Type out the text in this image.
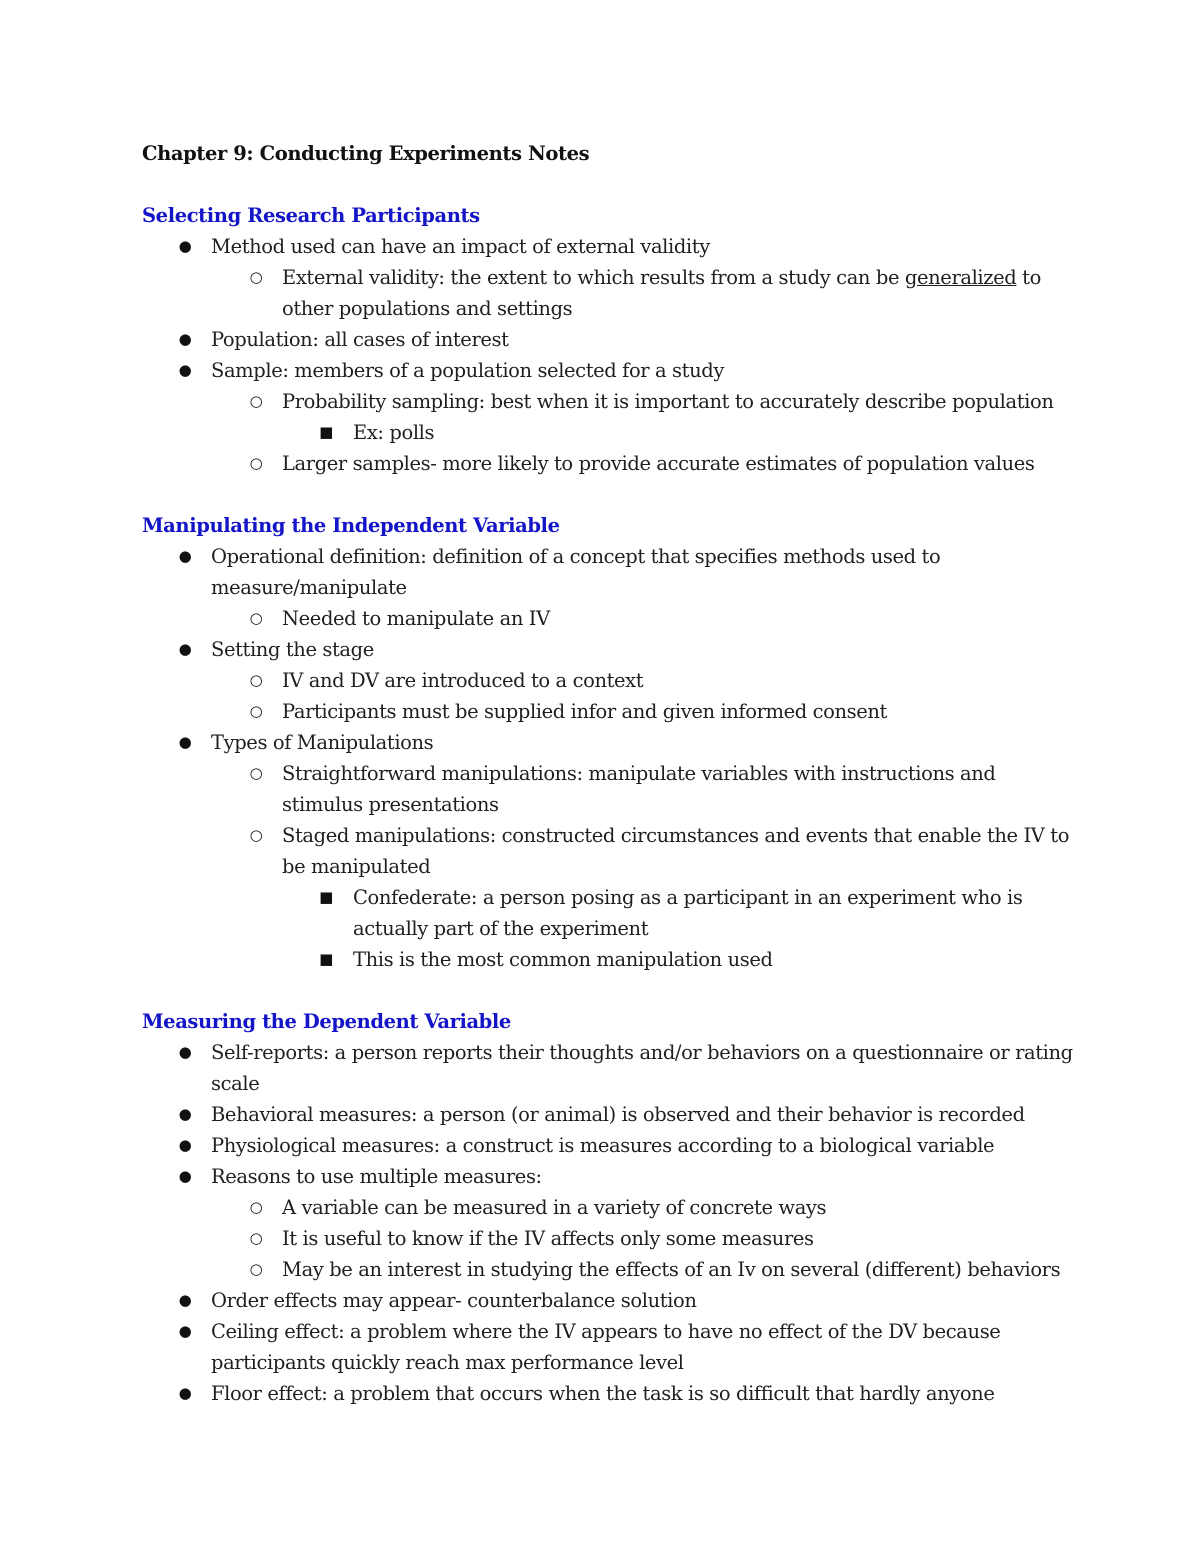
Chapter 9: Conducting Experiments Notes
Selecting Research Participants
● Method used can have an impact of external validity
○ External validity: the extent to which results from a study can be generalized to
other populations and settings
● Population: all cases of interest
● Sample: members of a population selected for a study
○ Probability sampling: best when it is important to accurately describe population
■ Ex: polls
○ Larger samples- more likely to provide accurate estimates of population values
Manipulating the Independent Variable
● Operational definition: definition of a concept that specifies methods used to
measure/manipulate
○ Needed to manipulate an IV
● Setting the stage
○ IV and DV are introduced to a context
○ Participants must be supplied infor and given informed consent
● Types of Manipulations
○ Straightforward manipulations: manipulate variables with instructions and
stimulus presentations
○ Staged manipulations: constructed circumstances and events that enable the IV to
be manipulated
■ Confederate: a person posing as a participant in an experiment who is
actually part of the experiment
■ This is the most common manipulation used
Measuring the Dependent Variable
● Self-reports: a person reports their thoughts and/or behaviors on a questionnaire or rating
scale
● Behavioral measures: a person (or animal) is observed and their behavior is recorded
● Physiological measures: a construct is measures according to a biological variable
● Reasons to use multiple measures:
○ A variable can be measured in a variety of concrete ways
○ It is useful to know if the IV affects only some measures
○ May be an interest in studying the effects of an Iv on several (different) behaviors
● Order effects may appear- counterbalance solution
● Ceiling effect: a problem where the IV appears to have no effect of the DV because
participants quickly reach max performance level
● Floor effect: a problem that occurs when the task is so difficult that hardly anyone
